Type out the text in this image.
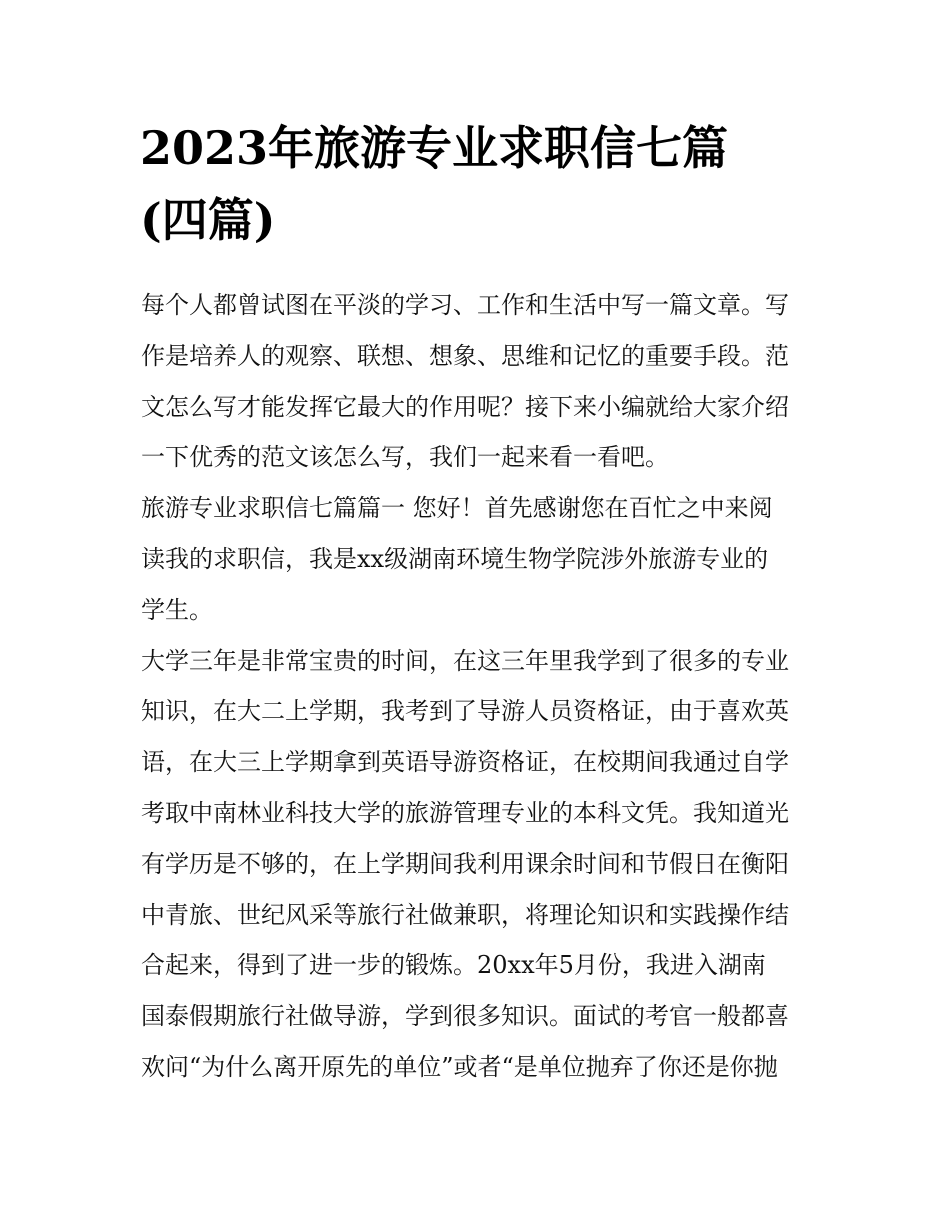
2023年旅游专业求职信七篇
(四篇)
每个人都曾试图在平淡的学习、工作和生活中写一篇文章。写
作是培养人的观察、联想、想象、思维和记忆的重要手段。范
文怎么写才能发挥它最大的作用呢？接下来小编就给大家介绍
一下优秀的范文该怎么写，我们一起来看一看吧。
旅游专业求职信七篇篇一 您好！首先感谢您在百忙之中来阅
读我的求职信，我是xx级湖南环境生物学院涉外旅游专业的
学生。
大学三年是非常宝贵的时间，在这三年里我学到了很多的专业
知识，在大二上学期，我考到了导游人员资格证，由于喜欢英
语，在大三上学期拿到英语导游资格证，在校期间我通过自学
考取中南林业科技大学的旅游管理专业的本科文凭。我知道光
有学历是不够的，在上学期间我利用课余时间和节假日在衡阳
中青旅、世纪风采等旅行社做兼职，将理论知识和实践操作结
合起来，得到了进一步的锻炼。20xx年5月份，我进入湖南
国泰假期旅行社做导游，学到很多知识。面试的考官一般都喜
欢问“为什么离开原先的单位”或者“是单位抛弃了你还是你抛
